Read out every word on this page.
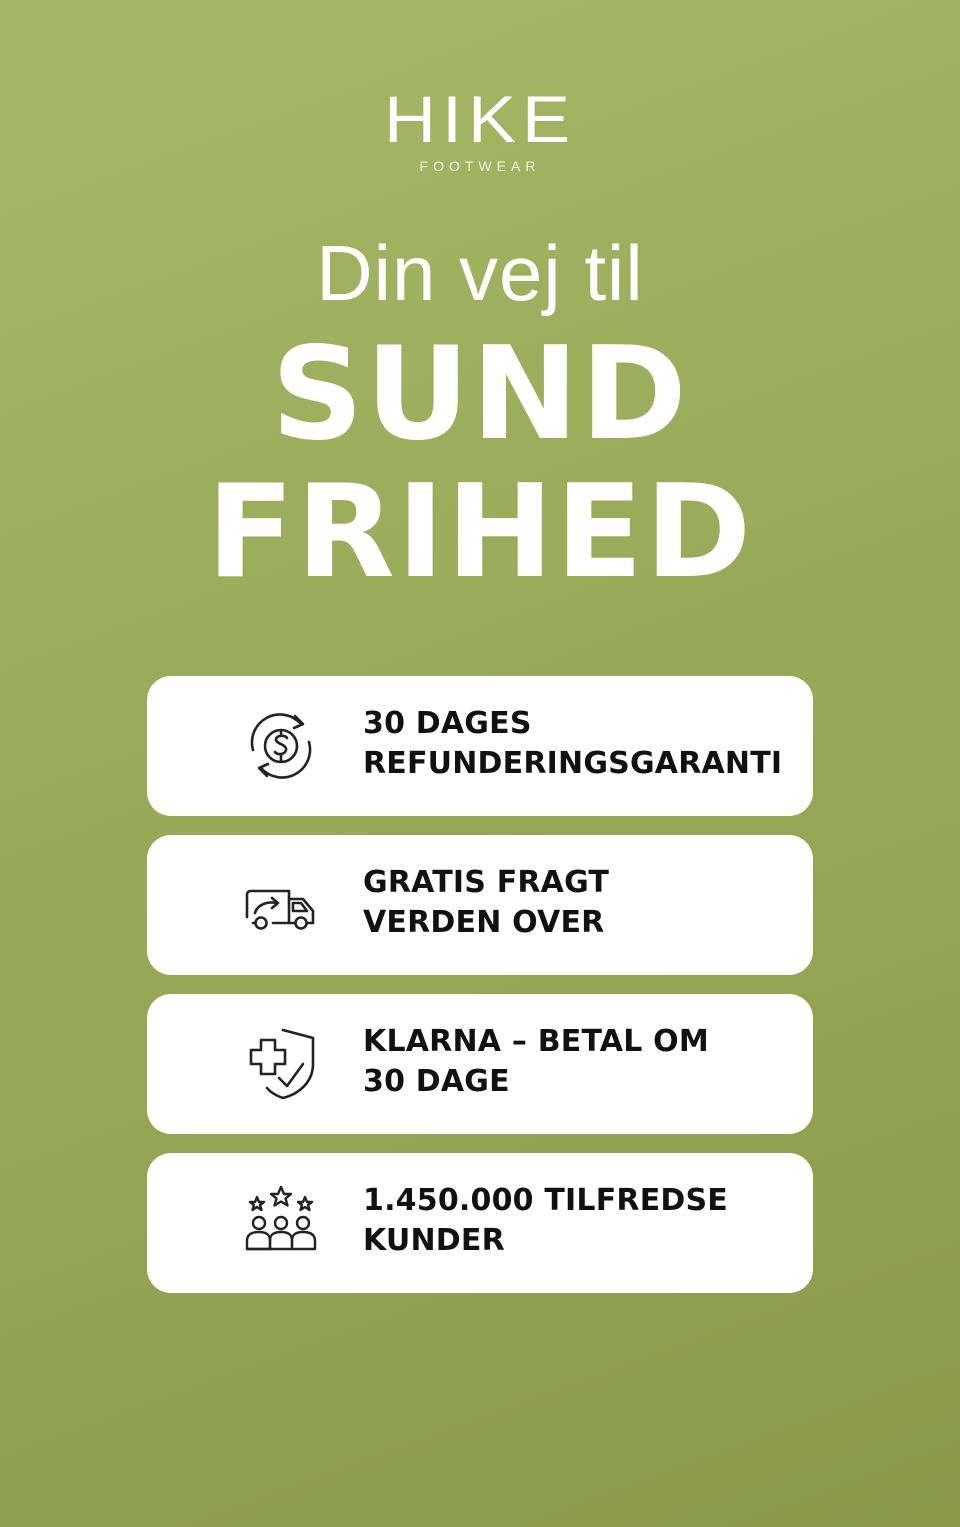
HIKE
FOOTWEAR
Din vej til
SUND
FRIHED
30 DAGES
REFUNDERINGSGARANTI
GRATIS FRAGT
VERDEN OVER
KLARNA – BETAL OM
30 DAGE
1.450.000 TILFREDSE
KUNDER
